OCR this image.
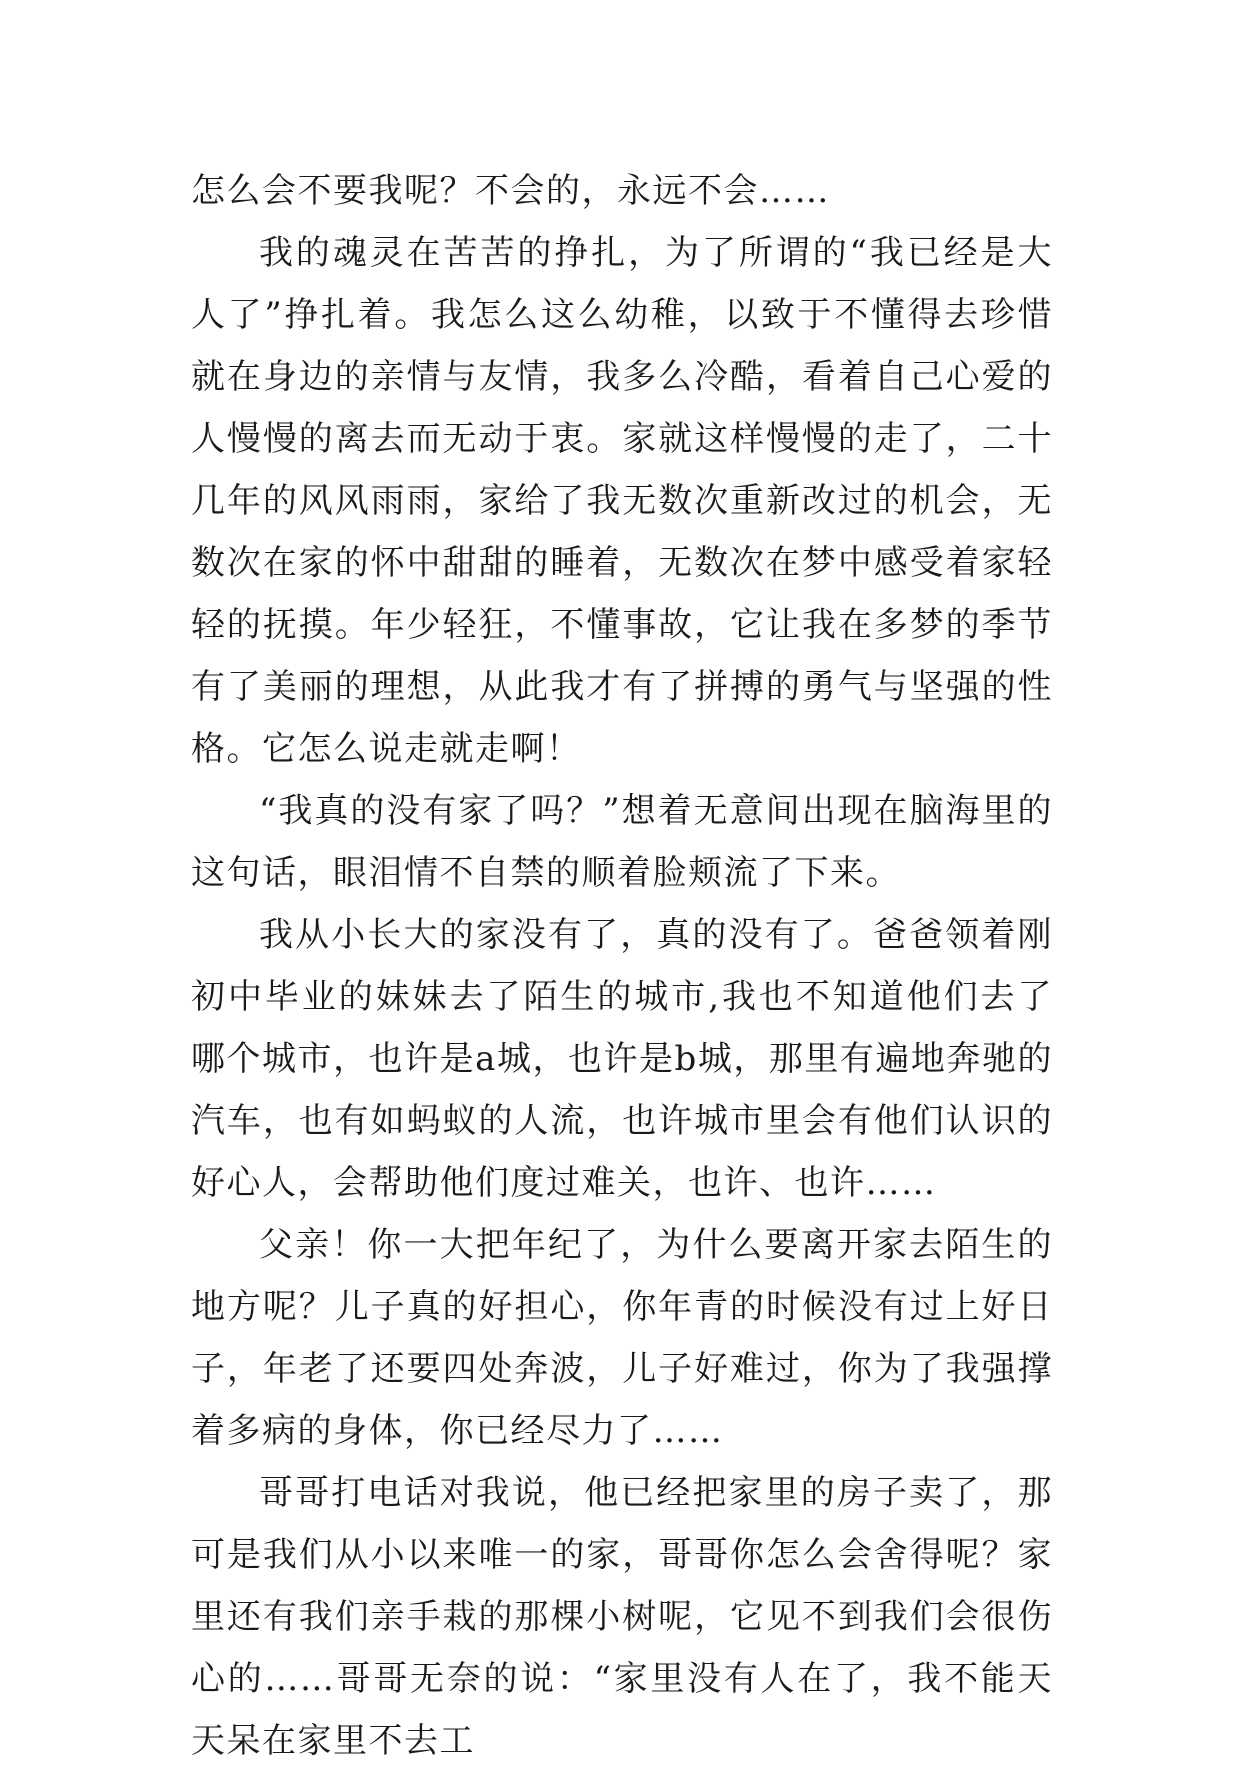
怎么会不要我呢？不会的，永远不会……

我的魂灵在苦苦的挣扎，为了所谓的“我已经是大人了”挣扎着。我怎么这么幼稚，以致于不懂得去珍惜就在身边的亲情与友情，我多么冷酷，看着自己心爱的人慢慢的离去而无动于衷。家就这样慢慢的走了，二十几年的风风雨雨，家给了我无数次重新改过的机会，无数次在家的怀中甜甜的睡着，无数次在梦中感受着家轻轻的抚摸。年少轻狂，不懂事故，它让我在多梦的季节有了美丽的理想，从此我才有了拼搏的勇气与坚强的性格。它怎么说走就走啊！

“我真的没有家了吗？”想着无意间出现在脑海里的这句话，眼泪情不自禁的顺着脸颊流了下来。

我从小长大的家没有了，真的没有了。爸爸领着刚初中毕业的妹妹去了陌生的城市,我也不知道他们去了哪个城市，也许是a城，也许是b城，那里有遍地奔驰的汽车，也有如蚂蚁的人流，也许城市里会有他们认识的好心人，会帮助他们度过难关，也许、也许……

父亲！你一大把年纪了，为什么要离开家去陌生的地方呢？儿子真的好担心，你年青的时候没有过上好日子，年老了还要四处奔波，儿子好难过，你为了我强撑着多病的身体，你已经尽力了……

哥哥打电话对我说，他已经把家里的房子卖了，那可是我们从小以来唯一的家，哥哥你怎么会舍得呢？家里还有我们亲手栽的那棵小树呢，它见不到我们会很伤心的……哥哥无奈的说：“家里没有人在了，我不能天天呆在家里不去工
